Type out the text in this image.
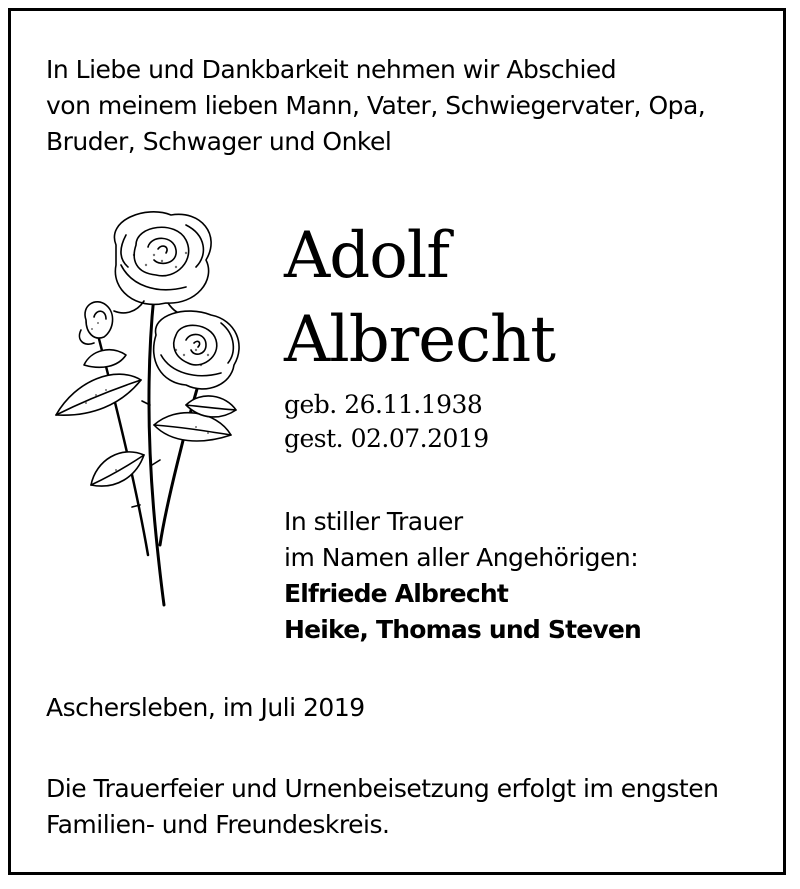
In Liebe und Dankbarkeit nehmen wir Abschied
von meinem lieben Mann, Vater, Schwiegervater, Opa,
Bruder, Schwager und Onkel
Adolf
Albrecht
geb. 26.11.1938
gest. 02.07.2019
In stiller Trauer
im Namen aller Angehörigen:
Elfriede Albrecht
Heike, Thomas und Steven
Aschersleben, im Juli 2019
Die Trauerfeier und Urnenbeisetzung erfolgt im engsten
Familien- und Freundeskreis.
